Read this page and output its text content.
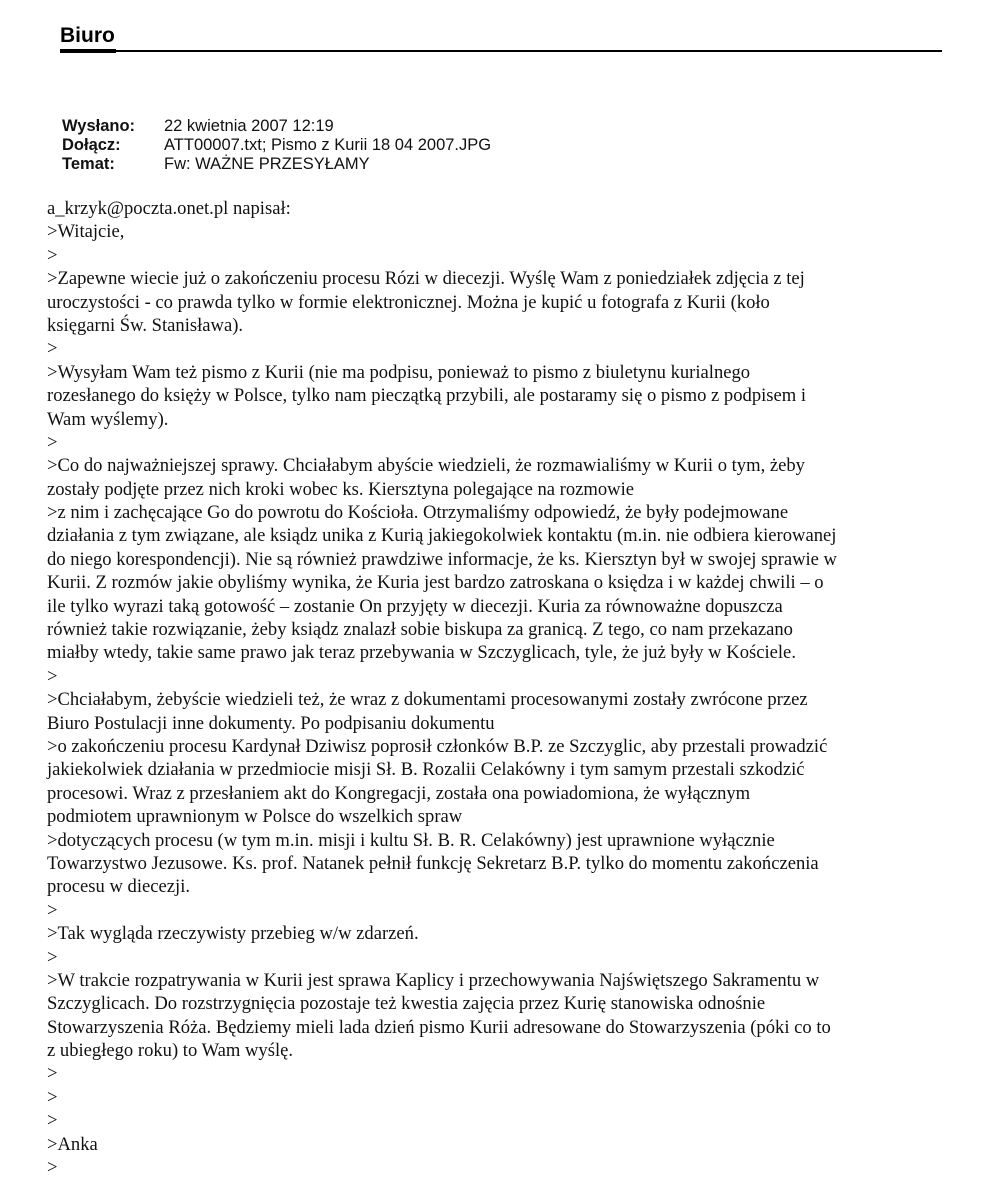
Biuro
Wysłano:	22 kwietnia 2007 12:19
Dołącz:	ATT00007.txt; Pismo z Kurii 18 04 2007.JPG
Temat:	Fw: WAŻNE PRZESYŁAMY
a_krzyk@poczta.onet.pl napisał:
>Witajcie,
>
>Zapewne wiecie już o zakończeniu procesu Rózi w diecezji. Wyślę Wam z poniedziałek zdjęcia z tej
uroczystości - co prawda tylko w formie elektronicznej. Można je kupić u fotografa z Kurii (koło
księgarni Św. Stanisława).
>
>Wysyłam Wam też pismo z Kurii (nie ma podpisu, ponieważ to pismo z biuletynu kurialnego
rozesłanego do księży w Polsce, tylko nam pieczątką przybili, ale postaramy się o pismo z podpisem i
Wam wyślemy).
>
>Co do najważniejszej sprawy. Chciałabym abyście wiedzieli, że rozmawialiśmy w Kurii o tym, żeby
zostały podjęte przez nich kroki wobec ks. Kiersztyna polegające na rozmowie
>z nim i zachęcające Go do powrotu do Kościoła. Otrzymaliśmy odpowiedź, że były podejmowane
działania z tym związane, ale ksiądz unika z Kurią jakiegokolwiek kontaktu (m.in. nie odbiera kierowanej
do niego korespondencji). Nie są również prawdziwe informacje, że ks. Kiersztyn był w swojej sprawie w
Kurii. Z rozmów jakie obyliśmy wynika, że Kuria jest bardzo zatroskana o księdza i w każdej chwili – o
ile tylko wyrazi taką gotowość – zostanie On przyjęty w diecezji. Kuria za równoważne dopuszcza
również takie rozwiązanie, żeby ksiądz znalazł sobie biskupa za granicą. Z tego, co nam przekazano
miałby wtedy, takie same prawo jak teraz przebywania w Szczyglicach, tyle, że już były w Kościele.
>
>Chciałabym, żebyście wiedzieli też, że wraz z dokumentami procesowanymi zostały zwrócone przez
Biuro Postulacji inne dokumenty. Po podpisaniu dokumentu
>o zakończeniu procesu Kardynał Dziwisz poprosił członków B.P. ze Szczyglic, aby przestali prowadzić
jakiekolwiek działania w przedmiocie misji Sł. B. Rozalii Celakówny i tym samym przestali szkodzić
procesowi. Wraz z przesłaniem akt do Kongregacji, została ona powiadomiona, że wyłącznym
podmiotem uprawnionym w Polsce do wszelkich spraw
>dotyczących procesu (w tym m.in. misji i kultu Sł. B. R. Celakówny) jest uprawnione wyłącznie
Towarzystwo Jezusowe. Ks. prof. Natanek pełnił funkcję Sekretarz B.P. tylko do momentu zakończenia
procesu w diecezji.
>
>Tak wygląda rzeczywisty przebieg w/w zdarzeń.
>
>W trakcie rozpatrywania w Kurii jest sprawa Kaplicy i przechowywania Najświętszego Sakramentu w
Szczyglicach. Do rozstrzygnięcia pozostaje też kwestia zajęcia przez Kurię stanowiska odnośnie
Stowarzyszenia Róża. Będziemy mieli lada dzień pismo Kurii adresowane do Stowarzyszenia (póki co to
z ubiegłego roku) to Wam wyślę.
>
>
>
>Anka
>
